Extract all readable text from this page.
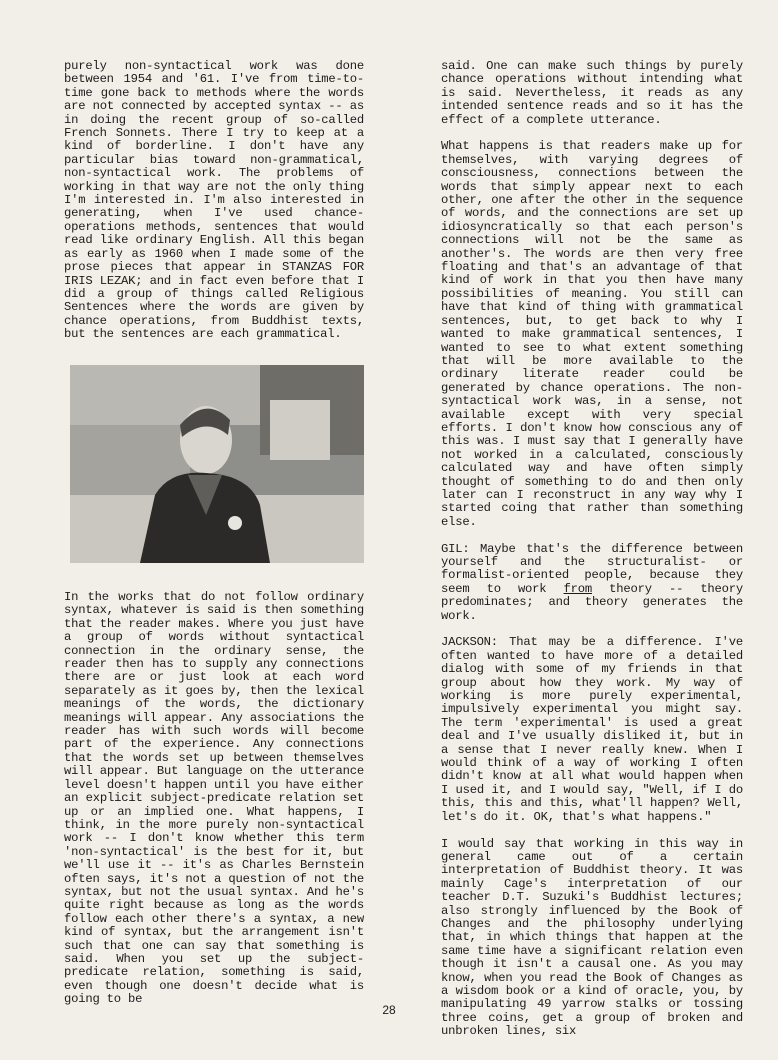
purely non-syntactical work was done between 1954 and '61. I've from time-to-time gone back to methods where the words are not connected by accepted syntax -- as in doing the recent group of so-called French Sonnets. There I try to keep at a kind of borderline. I don't have any particular bias toward non-grammatical, non-syntactical work. The problems of working in that way are not the only thing I'm interested in. I'm also interested in generating, when I've used chance-operations methods, sentences that would read like ordinary English. All this began as early as 1960 when I made some of the prose pieces that appear in STANZAS FOR IRIS LEZAK; and in fact even before that I did a group of things called Religious Sentences where the words are given by chance operations, from Buddhist texts, but the sentences are each grammatical.

In the works that do not follow ordinary syntax, whatever is said is then something that the reader makes. Where you just have a group of words without syntactical connection in the ordinary sense, the reader then has to supply any connections there are or just look at each word separately as it goes by, then the lexical meanings of the words, the dictionary meanings will appear. Any associations the reader has with such words will become part of the experience. Any connections that the words set up between themselves will appear. But language on the utterance level doesn't happen until you have either an explicit subject-predicate relation set up or an implied one. What happens, I think, in the more purely non-syntactical work -- I don't know whether this term 'non-syntactical' is the best for it, but we'll use it -- it's as Charles Bernstein often says, it's not a question of not the syntax, but not the usual syntax. And he's quite right because as long as the words follow each other there's a syntax, a new kind of syntax, but the arrangement isn't such that one can say that something is said. When you set up the subject-predicate relation, something is said, even though one doesn't decide what is going to be

said. One can make such things by purely chance operations without intending what is said. Nevertheless, it reads as any intended sentence reads and so it has the effect of a complete utterance.

What happens is that readers make up for themselves, with varying degrees of consciousness, connections between the words that simply appear next to each other, one after the other in the sequence of words, and the connections are set up idiosyncratically so that each person's connections will not be the same as another's. The words are then very free floating and that's an advantage of that kind of work in that you then have many possibilities of meaning. You still can have that kind of thing with grammatical sentences, but, to get back to why I wanted to make grammatical sentences, I wanted to see to what extent something that will be more available to the ordinary literate reader could be generated by chance operations. The non-syntactical work was, in a sense, not available except with very special efforts. I don't know how conscious any of this was. I must say that I generally have not worked in a calculated, consciously calculated way and have often simply thought of something to do and then only later can I reconstruct in any way why I started coing that rather than something else.

GIL: Maybe that's the difference between yourself and the structuralist- or formalist-oriented people, because they seem to work from theory -- theory predominates; and theory generates the work.

JACKSON: That may be a difference. I've often wanted to have more of a detailed dialog with some of my friends in that group about how they work. My way of working is more purely experimental, impulsively experimental you might say. The term 'experimental' is used a great deal and I've usually disliked it, but in a sense that I never really knew. When I would think of a way of working I often didn't know at all what would happen when I used it, and I would say, "Well, if I do this, this and this, what'll happen? Well, let's do it. OK, that's what happens."

I would say that working in this way in general came out of a certain interpretation of Buddhist theory. It was mainly Cage's interpretation of our teacher D.T. Suzuki's Buddhist lectures; also strongly influenced by the Book of Changes and the philosophy underlying that, in which things that happen at the same time have a significant relation even though it isn't a causal one. As you may know, when you read the Book of Changes as a wisdom book or a kind of oracle, you, by manipulating 49 yarrow stalks or tossing three coins, get a group of broken and unbroken lines, six

28
